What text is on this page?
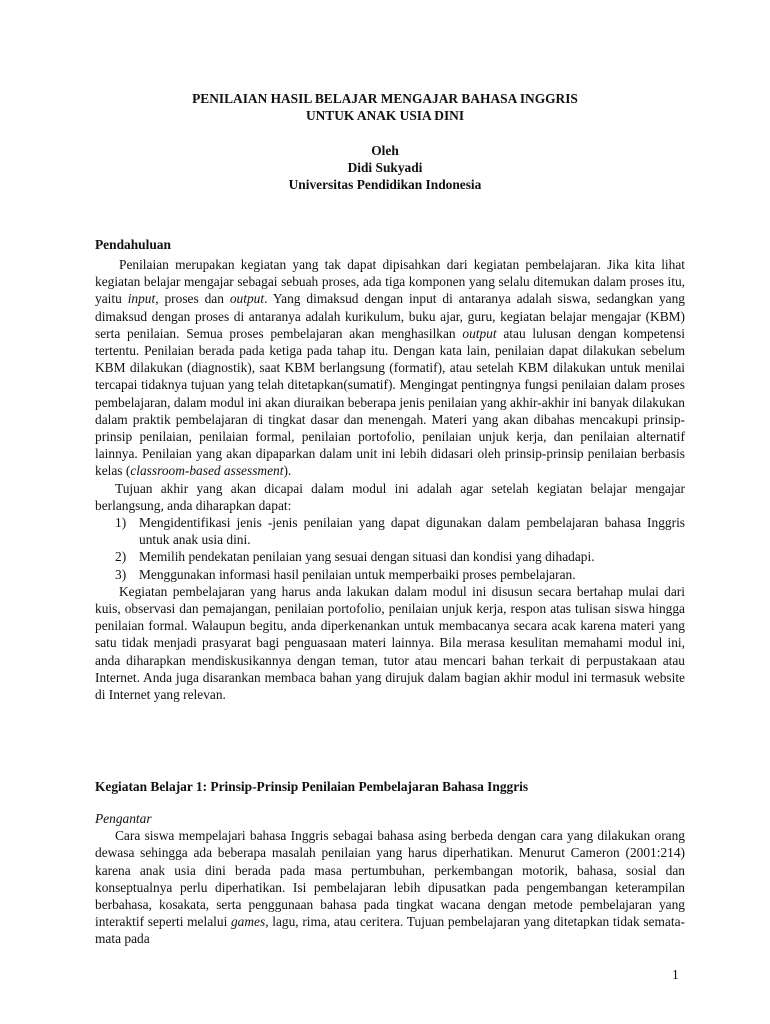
PENILAIAN HASIL BELAJAR MENGAJAR BAHASA INGGRIS
UNTUK ANAK USIA DINI
Oleh
Didi Sukyadi
Universitas Pendidikan Indonesia
Pendahuluan

Penilaian merupakan kegiatan yang tak dapat dipisahkan dari kegiatan pembelajaran. Jika kita lihat kegiatan belajar mengajar sebagai sebuah proses, ada tiga komponen yang selalu ditemukan dalam proses itu, yaitu input, proses dan output. Yang dimaksud dengan input di antaranya adalah siswa, sedangkan yang dimaksud dengan proses di antaranya adalah kurikulum, buku ajar, guru, kegiatan belajar mengajar (KBM) serta penilaian. Semua proses pembelajaran akan menghasilkan output atau lulusan dengan kompetensi tertentu. Penilaian berada pada ketiga pada tahap itu. Dengan kata lain, penilaian dapat dilakukan sebelum KBM dilakukan (diagnostik), saat KBM berlangsung (formatif), atau setelah KBM dilakukan untuk menilai tercapai tidaknya tujuan yang telah ditetapkan(sumatif). Mengingat pentingnya fungsi penilaian dalam proses pembelajaran, dalam modul ini akan diuraikan beberapa jenis penilaian yang akhir-akhir ini banyak dilakukan dalam praktik pembelajaran di tingkat dasar dan menengah. Materi yang akan dibahas mencakupi prinsip-prinsip penilaian, penilaian formal, penilaian portofolio, penilaian unjuk kerja, dan penilaian alternatif lainnya. Penilaian yang akan dipaparkan dalam unit ini lebih didasari oleh prinsip-prinsip penilaian berbasis kelas (classroom-based assessment).

Tujuan akhir yang akan dicapai dalam modul ini adalah agar setelah kegiatan belajar mengajar berlangsung, anda diharapkan dapat:

1) Mengidentifikasi jenis -jenis penilaian yang dapat digunakan dalam pembelajaran bahasa Inggris untuk anak usia dini.
2) Memilih pendekatan penilaian yang sesuai dengan situasi dan kondisi yang dihadapi.
3) Menggunakan informasi hasil penilaian untuk memperbaiki proses pembelajaran.

Kegiatan pembelajaran yang harus anda lakukan dalam modul ini disusun secara bertahap mulai dari kuis, observasi dan pemajangan, penilaian portofolio, penilaian unjuk kerja, respon atas tulisan siswa hingga penilaian formal. Walaupun begitu, anda diperkenankan untuk membacanya secara acak karena materi yang satu tidak menjadi prasyarat bagi penguasaan materi lainnya. Bila merasa kesulitan memahami modul ini, anda diharapkan mendiskusikannya dengan teman, tutor atau mencari bahan terkait di perpustakaan atau Internet. Anda juga disarankan membaca bahan yang dirujuk dalam bagian akhir modul ini termasuk website di Internet yang relevan.

Kegiatan Belajar 1: Prinsip-Prinsip Penilaian Pembelajaran Bahasa Inggris

Pengantar

Cara siswa mempelajari bahasa Inggris sebagai bahasa asing berbeda dengan cara yang dilakukan orang dewasa sehingga ada beberapa masalah penilaian yang harus diperhatikan. Menurut Cameron (2001:214) karena anak usia dini berada pada masa pertumbuhan, perkembangan motorik, bahasa, sosial dan konseptualnya perlu diperhatikan. Isi pembelajaran lebih dipusatkan pada pengembangan keterampilan berbahasa, kosakata, serta penggunaan bahasa pada tingkat wacana dengan metode pembelajaran yang interaktif seperti melalui games, lagu, rima, atau ceritera. Tujuan pembelajaran yang ditetapkan tidak semata-mata pada

1
